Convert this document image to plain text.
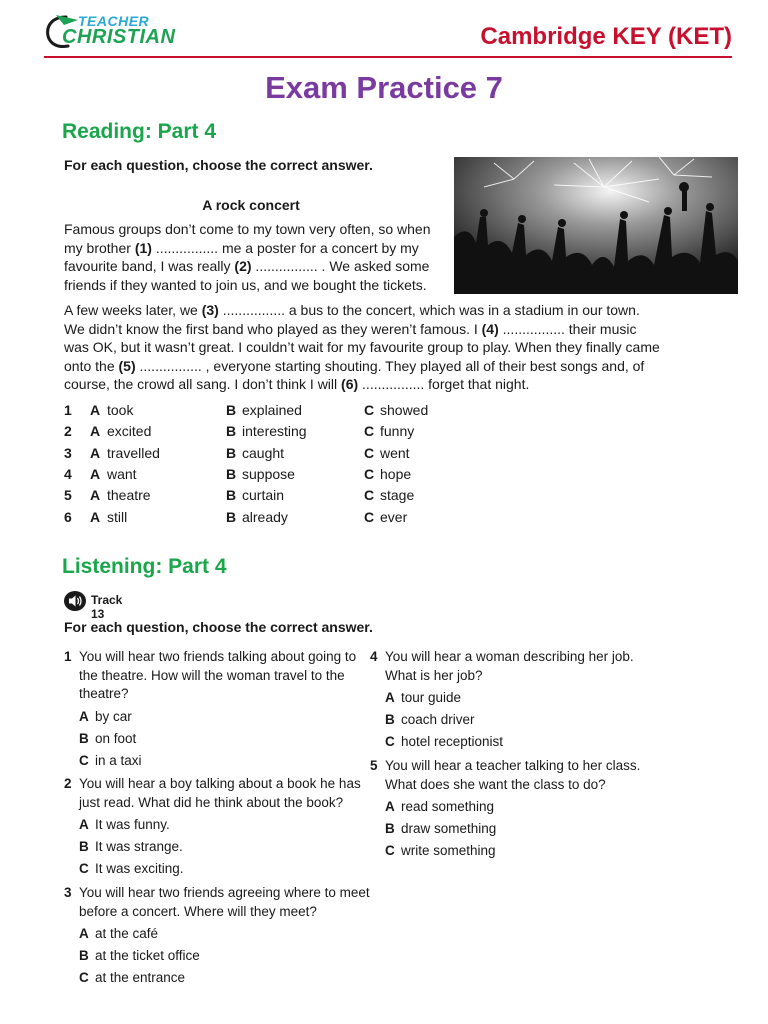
TEACHER
CHRISTIAN	Cambridge KEY (KET)
Exam Practice 7
Reading: Part 4
For each question, choose the correct answer.
A rock concert
Famous groups don’t come to my town very often, so when my brother (1) ................ me a poster for a concert by my favourite band, I was really (2) ................ . We asked some friends if they wanted to join us, and we bought the tickets.
A few weeks later, we (3) ................ a bus to the concert, which was in a stadium in our town. We didn’t know the first band who played as they weren’t famous. I (4) ................ their music was OK, but it wasn’t great. I couldn’t wait for my favourite group to play. When they finally came onto the (5) ................ , everyone starting shouting. They played all of their best songs and, of course, the crowd all sang. I don’t think I will (6) ................ forget that night.
1 A took	B explained	C showed
2 A excited	B interesting	C funny
3 A travelled	B caught	C went
4 A want	B suppose	C hope
5 A theatre	B curtain	C stage
6 A still	B already	C ever
Listening: Part 4
Track 13
For each question, choose the correct answer.
1 You will hear two friends talking about going to
the theatre. How will the woman travel to the
theatre?
A by car
B on foot
C in a taxi
2 You will hear a boy talking about a book he has
just read. What did he think about the book?
A It was funny.
B It was strange.
C It was exciting.
3 You will hear two friends agreeing where to meet
before a concert. Where will they meet?
A at the café
B at the ticket office
C at the entrance
4 You will hear a woman describing her job.
What is her job?
A tour guide
B coach driver
C hotel receptionist
5 You will hear a teacher talking to her class.
What does she want the class to do?
A read something
B draw something
C write something
